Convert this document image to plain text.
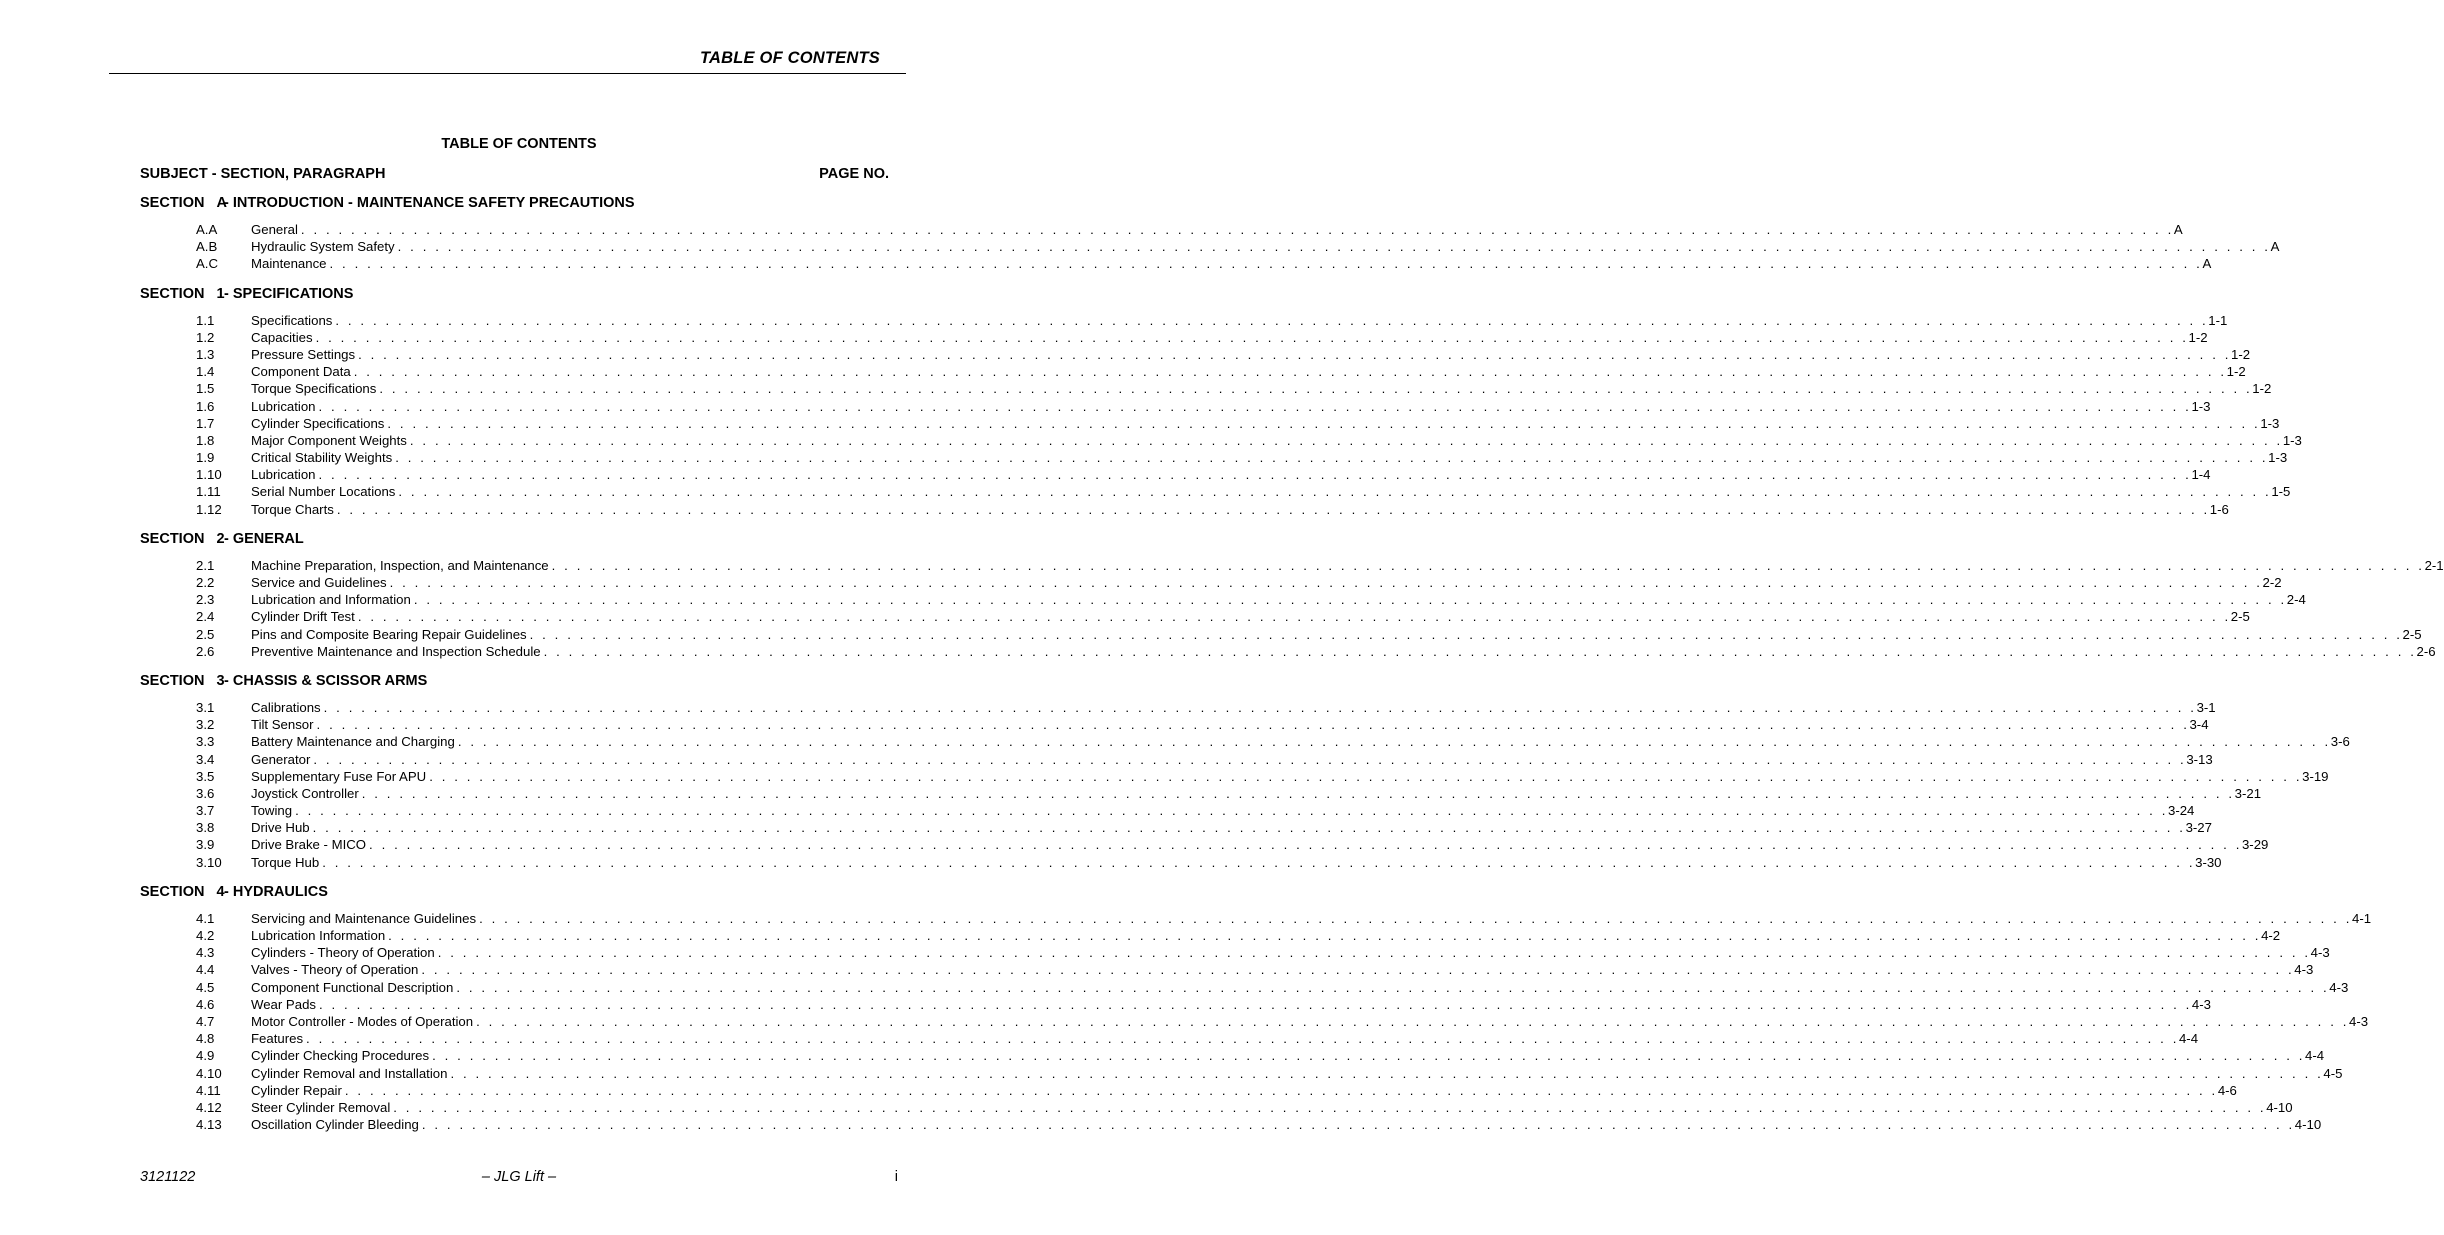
TABLE OF CONTENTS
TABLE OF CONTENTS
SUBJECT - SECTION, PARAGRAPH	PAGE NO.
SECTION A- INTRODUCTION - MAINTENANCE SAFETY PRECAUTIONS
A.A	General . . . . . . . . . . . . . . . . . . . . . . . . . . . . . . . . . . . . . . . . . . . . . . . . . . . . . . . . . . . . . . . . . . . . . . . . . . . . . . . . . . . . . . . . . . . . . . . . . . . . . . . . . . . . . . . . . . . . . . . . . . . . . . . . . . . . . . . . . . . . . . . . . . . . . . A
A.B	Hydraulic System Safety . . . . . . . . . . . . . . . . . . . . . . . . . . . . . . . . . . . . . . . . . . . . . . . . . . . . . . . . . . . . . . . . . . . . . . . . . . . . . . . . . . . . . . . . . . . . . . . . . . . . . . . . . . . . . . . . . . . . . . . . . . . . . . . . . . . . . . . . . . . . . . . . . . . . . . A
A.C	Maintenance . . . . . . . . . . . . . . . . . . . . . . . . . . . . . . . . . . . . . . . . . . . . . . . . . . . . . . . . . . . . . . . . . . . . . . . . . . . . . . . . . . . . . . . . . . . . . . . . . . . . . . . . . . . . . . . . . . . . . . . . . . . . . . . . . . . . . . . . . . . . . . . . . . . . . . A
SECTION 1- SPECIFICATIONS
1.1	Specifications . . . . . . . . . . . . . . . . . . . . . . . . . . . . . . . . . . . . . . . . . . . . . . . . . . . . . . . . . . . . . . . . . . . . . . . . . . . . . . . . . . . . . . . . . . . . . . . . . . . . . . . . . . . . . . . . . . . . . . . . . . . . . . . . . . . . . . . . . . . . . . . . . . . . . . 1-1
1.2	Capacities . . . . . . . . . . . . . . . . . . . . . . . . . . . . . . . . . . . . . . . . . . . . . . . . . . . . . . . . . . . . . . . . . . . . . . . . . . . . . . . . . . . . . . . . . . . . . . . . . . . . . . . . . . . . . . . . . . . . . . . . . . . . . . . . . . . . . . . . . . . . . . . . . . . . . . 1-2
1.3	Pressure Settings . . . . . . . . . . . . . . . . . . . . . . . . . . . . . . . . . . . . . . . . . . . . . . . . . . . . . . . . . . . . . . . . . . . . . . . . . . . . . . . . . . . . . . . . . . . . . . . . . . . . . . . . . . . . . . . . . . . . . . . . . . . . . . . . . . . . . . . . . . . . . . . . . . . . . . 1-2
1.4	Component Data . . . . . . . . . . . . . . . . . . . . . . . . . . . . . . . . . . . . . . . . . . . . . . . . . . . . . . . . . . . . . . . . . . . . . . . . . . . . . . . . . . . . . . . . . . . . . . . . . . . . . . . . . . . . . . . . . . . . . . . . . . . . . . . . . . . . . . . . . . . . . . . . . . . . . . 1-2
1.5	Torque Specifications . . . . . . . . . . . . . . . . . . . . . . . . . . . . . . . . . . . . . . . . . . . . . . . . . . . . . . . . . . . . . . . . . . . . . . . . . . . . . . . . . . . . . . . . . . . . . . . . . . . . . . . . . . . . . . . . . . . . . . . . . . . . . . . . . . . . . . . . . . . . . . . . . . . . . . 1-2
1.6	Lubrication . . . . . . . . . . . . . . . . . . . . . . . . . . . . . . . . . . . . . . . . . . . . . . . . . . . . . . . . . . . . . . . . . . . . . . . . . . . . . . . . . . . . . . . . . . . . . . . . . . . . . . . . . . . . . . . . . . . . . . . . . . . . . . . . . . . . . . . . . . . . . . . . . . . . . . 1-3
1.7	Cylinder Specifications . . . . . . . . . . . . . . . . . . . . . . . . . . . . . . . . . . . . . . . . . . . . . . . . . . . . . . . . . . . . . . . . . . . . . . . . . . . . . . . . . . . . . . . . . . . . . . . . . . . . . . . . . . . . . . . . . . . . . . . . . . . . . . . . . . . . . . . . . . . . . . . . . . . . . . 1-3
1.8	Major Component Weights . . . . . . . . . . . . . . . . . . . . . . . . . . . . . . . . . . . . . . . . . . . . . . . . . . . . . . . . . . . . . . . . . . . . . . . . . . . . . . . . . . . . . . . . . . . . . . . . . . . . . . . . . . . . . . . . . . . . . . . . . . . . . . . . . . . . . . . . . . . . . . . . . . . . . . 1-3
1.9	Critical Stability Weights . . . . . . . . . . . . . . . . . . . . . . . . . . . . . . . . . . . . . . . . . . . . . . . . . . . . . . . . . . . . . . . . . . . . . . . . . . . . . . . . . . . . . . . . . . . . . . . . . . . . . . . . . . . . . . . . . . . . . . . . . . . . . . . . . . . . . . . . . . . . . . . . . . . . . . 1-3
1.10 Lubrication . . . . . . . . . . . . . . . . . . . . . . . . . . . . . . . . . . . . . . . . . . . . . . . . . . . . . . . . . . . . . . . . . . . . . . . . . . . . . . . . . . . . . . . . . . . . . . . . . . . . . . . . . . . . . . . . . . . . . . . . . . . . . . . . . . . . . . . . . . . . . . . . . . . . . . 1-4
1.11 Serial Number Locations . . . . . . . . . . . . . . . . . . . . . . . . . . . . . . . . . . . . . . . . . . . . . . . . . . . . . . . . . . . . . . . . . . . . . . . . . . . . . . . . . . . . . . . . . . . . . . . . . . . . . . . . . . . . . . . . . . . . . . . . . . . . . . . . . . . . . . . . . . . . . . . . . . . . . . 1-5
1.12 Torque Charts . . . . . . . . . . . . . . . . . . . . . . . . . . . . . . . . . . . . . . . . . . . . . . . . . . . . . . . . . . . . . . . . . . . . . . . . . . . . . . . . . . . . . . . . . . . . . . . . . . . . . . . . . . . . . . . . . . . . . . . . . . . . . . . . . . . . . . . . . . . . . . . . . . . . . . 1-6
SECTION 2- GENERAL
2.1	Machine Preparation, Inspection, and Maintenance . . . . . . . . . . . . . . . . . . . . . . . . . . . . . . . . . . . . . . . . . . . . . . . . . . . . . . . . . . . . . . . . . . . . . . . . . . . . . . . . . . . . . . . . . . . . . . . . . . . . . . . . . . . . . . . . . . . . . . . . . . . . . . . . . . . . . . . . . . . . . . . . . . . . . . 2-1
2.2	Service and Guidelines . . . . . . . . . . . . . . . . . . . . . . . . . . . . . . . . . . . . . . . . . . . . . . . . . . . . . . . . . . . . . . . . . . . . . . . . . . . . . . . . . . . . . . . . . . . . . . . . . . . . . . . . . . . . . . . . . . . . . . . . . . . . . . . . . . . . . . . . . . . . . . . . . . . . . . 2-2
2.3	Lubrication and Information . . . . . . . . . . . . . . . . . . . . . . . . . . . . . . . . . . . . . . . . . . . . . . . . . . . . . . . . . . . . . . . . . . . . . . . . . . . . . . . . . . . . . . . . . . . . . . . . . . . . . . . . . . . . . . . . . . . . . . . . . . . . . . . . . . . . . . . . . . . . . . . . . . . . . . 2-4
2.4	Cylinder Drift Test . . . . . . . . . . . . . . . . . . . . . . . . . . . . . . . . . . . . . . . . . . . . . . . . . . . . . . . . . . . . . . . . . . . . . . . . . . . . . . . . . . . . . . . . . . . . . . . . . . . . . . . . . . . . . . . . . . . . . . . . . . . . . . . . . . . . . . . . . . . . . . . . . . . . . . 2-5
2.5	Pins and Composite Bearing Repair Guidelines . . . . . . . . . . . . . . . . . . . . . . . . . . . . . . . . . . . . . . . . . . . . . . . . . . . . . . . . . . . . . . . . . . . . . . . . . . . . . . . . . . . . . . . . . . . . . . . . . . . . . . . . . . . . . . . . . . . . . . . . . . . . . . . . . . . . . . . . . . . . . . . . . . . . . . 2-5
2.6	Preventive Maintenance and Inspection Schedule . . . . . . . . . . . . . . . . . . . . . . . . . . . . . . . . . . . . . . . . . . . . . . . . . . . . . . . . . . . . . . . . . . . . . . . . . . . . . . . . . . . . . . . . . . . . . . . . . . . . . . . . . . . . . . . . . . . . . . . . . . . . . . . . . . . . . . . . . . . . . . . . . . . . . . 2-6
SECTION 3- CHASSIS & SCISSOR ARMS
3.1	Calibrations . . . . . . . . . . . . . . . . . . . . . . . . . . . . . . . . . . . . . . . . . . . . . . . . . . . . . . . . . . . . . . . . . . . . . . . . . . . . . . . . . . . . . . . . . . . . . . . . . . . . . . . . . . . . . . . . . . . . . . . . . . . . . . . . . . . . . . . . . . . . . . . . . . . . . . 3-1
3.2	Tilt Sensor . . . . . . . . . . . . . . . . . . . . . . . . . . . . . . . . . . . . . . . . . . . . . . . . . . . . . . . . . . . . . . . . . . . . . . . . . . . . . . . . . . . . . . . . . . . . . . . . . . . . . . . . . . . . . . . . . . . . . . . . . . . . . . . . . . . . . . . . . . . . . . . . . . . . . . 3-4
3.3	Battery Maintenance and Charging . . . . . . . . . . . . . . . . . . . . . . . . . . . . . . . . . . . . . . . . . . . . . . . . . . . . . . . . . . . . . . . . . . . . . . . . . . . . . . . . . . . . . . . . . . . . . . . . . . . . . . . . . . . . . . . . . . . . . . . . . . . . . . . . . . . . . . . . . . . . . . . . . . . . . . 3-6
3.4	Generator . . . . . . . . . . . . . . . . . . . . . . . . . . . . . . . . . . . . . . . . . . . . . . . . . . . . . . . . . . . . . . . . . . . . . . . . . . . . . . . . . . . . . . . . . . . . . . . . . . . . . . . . . . . . . . . . . . . . . . . . . . . . . . . . . . . . . . . . . . . . . . . . . . . . . . 3-13
3.5	Supplementary Fuse For APU . . . . . . . . . . . . . . . . . . . . . . . . . . . . . . . . . . . . . . . . . . . . . . . . . . . . . . . . . . . . . . . . . . . . . . . . . . . . . . . . . . . . . . . . . . . . . . . . . . . . . . . . . . . . . . . . . . . . . . . . . . . . . . . . . . . . . . . . . . . . . . . . . . . . . . 3-19
3.6	Joystick Controller . . . . . . . . . . . . . . . . . . . . . . . . . . . . . . . . . . . . . . . . . . . . . . . . . . . . . . . . . . . . . . . . . . . . . . . . . . . . . . . . . . . . . . . . . . . . . . . . . . . . . . . . . . . . . . . . . . . . . . . . . . . . . . . . . . . . . . . . . . . . . . . . . . . . . . 3-21
3.7	Towing . . . . . . . . . . . . . . . . . . . . . . . . . . . . . . . . . . . . . . . . . . . . . . . . . . . . . . . . . . . . . . . . . . . . . . . . . . . . . . . . . . . . . . . . . . . . . . . . . . . . . . . . . . . . . . . . . . . . . . . . . . . . . . . . . . . . . . . . . . . . . . . . . . . . . . 3-24
3.8	Drive Hub . . . . . . . . . . . . . . . . . . . . . . . . . . . . . . . . . . . . . . . . . . . . . . . . . . . . . . . . . . . . . . . . . . . . . . . . . . . . . . . . . . . . . . . . . . . . . . . . . . . . . . . . . . . . . . . . . . . . . . . . . . . . . . . . . . . . . . . . . . . . . . . . . . . . . . 3-27
3.9	Drive Brake - MICO . . . . . . . . . . . . . . . . . . . . . . . . . . . . . . . . . . . . . . . . . . . . . . . . . . . . . . . . . . . . . . . . . . . . . . . . . . . . . . . . . . . . . . . . . . . . . . . . . . . . . . . . . . . . . . . . . . . . . . . . . . . . . . . . . . . . . . . . . . . . . . . . . . . . . . 3-29
3.10 Torque Hub . . . . . . . . . . . . . . . . . . . . . . . . . . . . . . . . . . . . . . . . . . . . . . . . . . . . . . . . . . . . . . . . . . . . . . . . . . . . . . . . . . . . . . . . . . . . . . . . . . . . . . . . . . . . . . . . . . . . . . . . . . . . . . . . . . . . . . . . . . . . . . . . . . . . . . 3-30
SECTION 4- HYDRAULICS
4.1	Servicing and Maintenance Guidelines . . . . . . . . . . . . . . . . . . . . . . . . . . . . . . . . . . . . . . . . . . . . . . . . . . . . . . . . . . . . . . . . . . . . . . . . . . . . . . . . . . . . . . . . . . . . . . . . . . . . . . . . . . . . . . . . . . . . . . . . . . . . . . . . . . . . . . . . . . . . . . . . . . . . . . 4-1
4.2	Lubrication Information . . . . . . . . . . . . . . . . . . . . . . . . . . . . . . . . . . . . . . . . . . . . . . . . . . . . . . . . . . . . . . . . . . . . . . . . . . . . . . . . . . . . . . . . . . . . . . . . . . . . . . . . . . . . . . . . . . . . . . . . . . . . . . . . . . . . . . . . . . . . . . . . . . . . . . 4-2
4.3	Cylinders - Theory of Operation . . . . . . . . . . . . . . . . . . . . . . . . . . . . . . . . . . . . . . . . . . . . . . . . . . . . . . . . . . . . . . . . . . . . . . . . . . . . . . . . . . . . . . . . . . . . . . . . . . . . . . . . . . . . . . . . . . . . . . . . . . . . . . . . . . . . . . . . . . . . . . . . . . . . . . 4-3
4.4	Valves - Theory of Operation . . . . . . . . . . . . . . . . . . . . . . . . . . . . . . . . . . . . . . . . . . . . . . . . . . . . . . . . . . . . . . . . . . . . . . . . . . . . . . . . . . . . . . . . . . . . . . . . . . . . . . . . . . . . . . . . . . . . . . . . . . . . . . . . . . . . . . . . . . . . . . . . . . . . . . 4-3
4.5	Component Functional Description . . . . . . . . . . . . . . . . . . . . . . . . . . . . . . . . . . . . . . . . . . . . . . . . . . . . . . . . . . . . . . . . . . . . . . . . . . . . . . . . . . . . . . . . . . . . . . . . . . . . . . . . . . . . . . . . . . . . . . . . . . . . . . . . . . . . . . . . . . . . . . . . . . . . . . 4-3
4.6	Wear Pads . . . . . . . . . . . . . . . . . . . . . . . . . . . . . . . . . . . . . . . . . . . . . . . . . . . . . . . . . . . . . . . . . . . . . . . . . . . . . . . . . . . . . . . . . . . . . . . . . . . . . . . . . . . . . . . . . . . . . . . . . . . . . . . . . . . . . . . . . . . . . . . . . . . . . . 4-3
4.7	Motor Controller - Modes of Operation . . . . . . . . . . . . . . . . . . . . . . . . . . . . . . . . . . . . . . . . . . . . . . . . . . . . . . . . . . . . . . . . . . . . . . . . . . . . . . . . . . . . . . . . . . . . . . . . . . . . . . . . . . . . . . . . . . . . . . . . . . . . . . . . . . . . . . . . . . . . . . . . . . . . . . 4-3
4.8	Features . . . . . . . . . . . . . . . . . . . . . . . . . . . . . . . . . . . . . . . . . . . . . . . . . . . . . . . . . . . . . . . . . . . . . . . . . . . . . . . . . . . . . . . . . . . . . . . . . . . . . . . . . . . . . . . . . . . . . . . . . . . . . . . . . . . . . . . . . . . . . . . . . . . . . . 4-4
4.9	Cylinder Checking Procedures . . . . . . . . . . . . . . . . . . . . . . . . . . . . . . . . . . . . . . . . . . . . . . . . . . . . . . . . . . . . . . . . . . . . . . . . . . . . . . . . . . . . . . . . . . . . . . . . . . . . . . . . . . . . . . . . . . . . . . . . . . . . . . . . . . . . . . . . . . . . . . . . . . . . . . 4-4
4.10 Cylinder Removal and Installation . . . . . . . . . . . . . . . . . . . . . . . . . . . . . . . . . . . . . . . . . . . . . . . . . . . . . . . . . . . . . . . . . . . . . . . . . . . . . . . . . . . . . . . . . . . . . . . . . . . . . . . . . . . . . . . . . . . . . . . . . . . . . . . . . . . . . . . . . . . . . . . . . . . . . . 4-5
4.11 Cylinder Repair . . . . . . . . . . . . . . . . . . . . . . . . . . . . . . . . . . . . . . . . . . . . . . . . . . . . . . . . . . . . . . . . . . . . . . . . . . . . . . . . . . . . . . . . . . . . . . . . . . . . . . . . . . . . . . . . . . . . . . . . . . . . . . . . . . . . . . . . . . . . . . . . . . . . . . 4-6
4.12 Steer Cylinder Removal . . . . . . . . . . . . . . . . . . . . . . . . . . . . . . . . . . . . . . . . . . . . . . . . . . . . . . . . . . . . . . . . . . . . . . . . . . . . . . . . . . . . . . . . . . . . . . . . . . . . . . . . . . . . . . . . . . . . . . . . . . . . . . . . . . . . . . . . . . . . . . . . . . . . . . 4-10
4.13 Oscillation Cylinder Bleeding . . . . . . . . . . . . . . . . . . . . . . . . . . . . . . . . . . . . . . . . . . . . . . . . . . . . . . . . . . . . . . . . . . . . . . . . . . . . . . . . . . . . . . . . . . . . . . . . . . . . . . . . . . . . . . . . . . . . . . . . . . . . . . . . . . . . . . . . . . . . . . . . . . . . . . 4-10
3121122	– JLG Lift –	i
